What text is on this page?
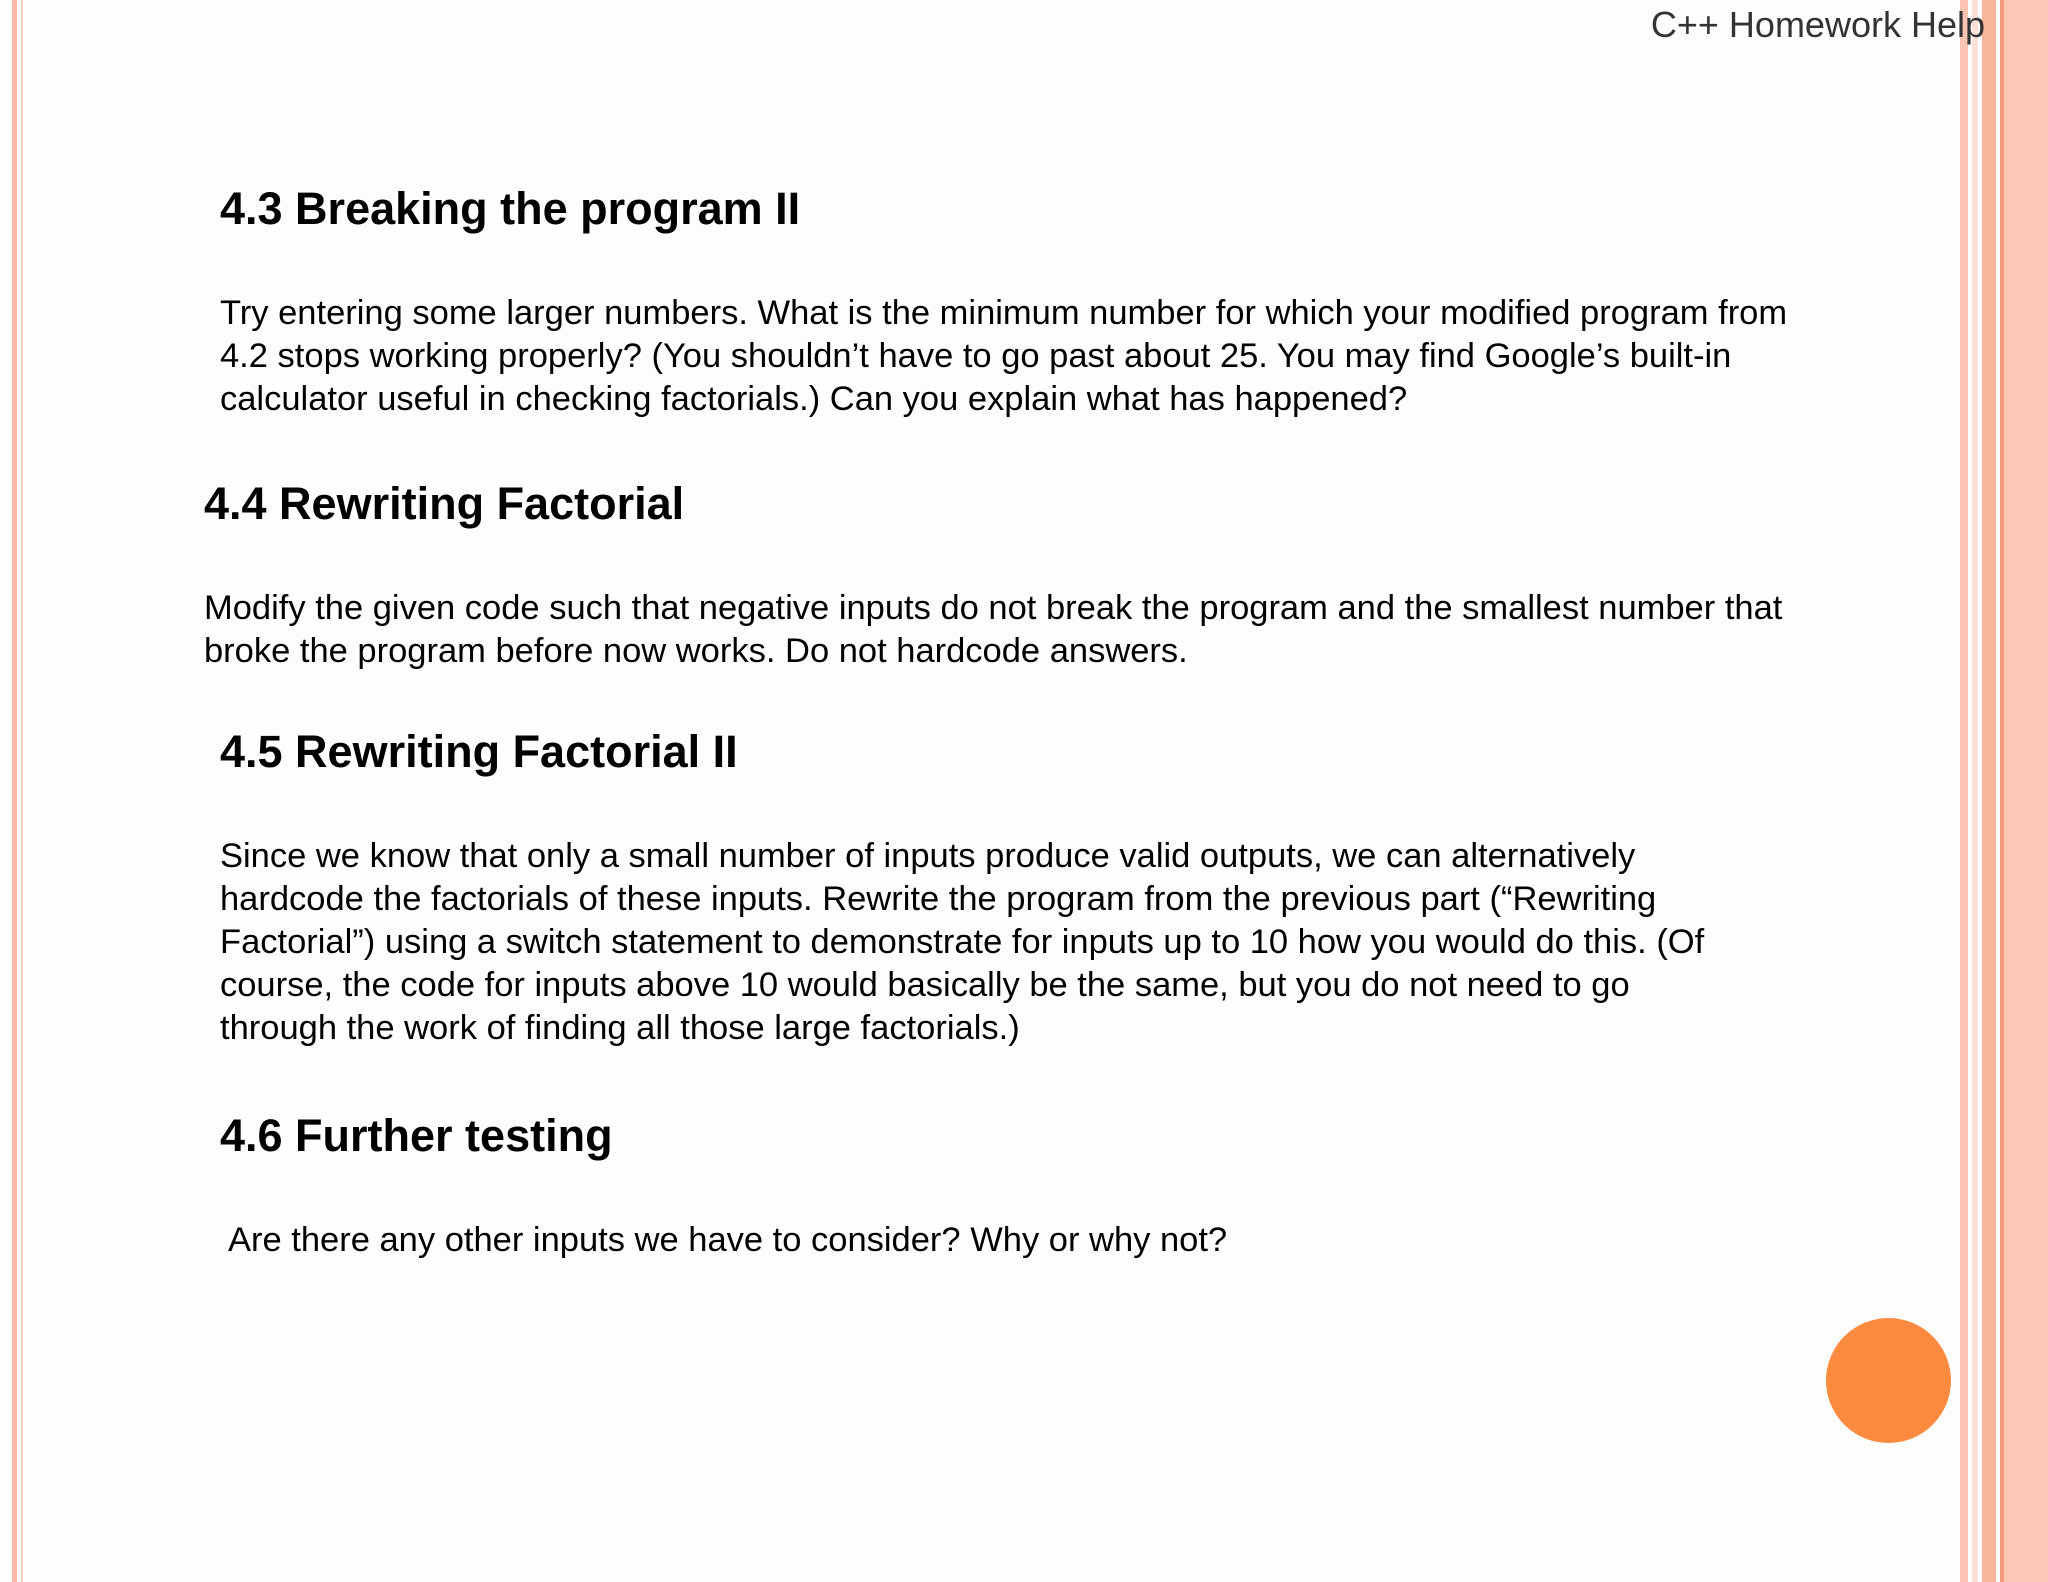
C++ Homework Help
4.3 Breaking the program II

Try entering some larger numbers. What is the minimum number for which your modified program from
4.2 stops working properly? (You shouldn’t have to go past about 25. You may find Google’s built-in
calculator useful in checking factorials.) Can you explain what has happened?

4.4 Rewriting Factorial

Modify the given code such that negative inputs do not break the program and the smallest number that
broke the program before now works. Do not hardcode answers.

4.5 Rewriting Factorial II

Since we know that only a small number of inputs produce valid outputs, we can alternatively
hardcode the factorials of these inputs. Rewrite the program from the previous part (“Rewriting
Factorial”) using a switch statement to demonstrate for inputs up to 10 how you would do this. (Of
course, the code for inputs above 10 would basically be the same, but you do not need to go
through the work of finding all those large factorials.)

4.6 Further testing

Are there any other inputs we have to consider? Why or why not?
